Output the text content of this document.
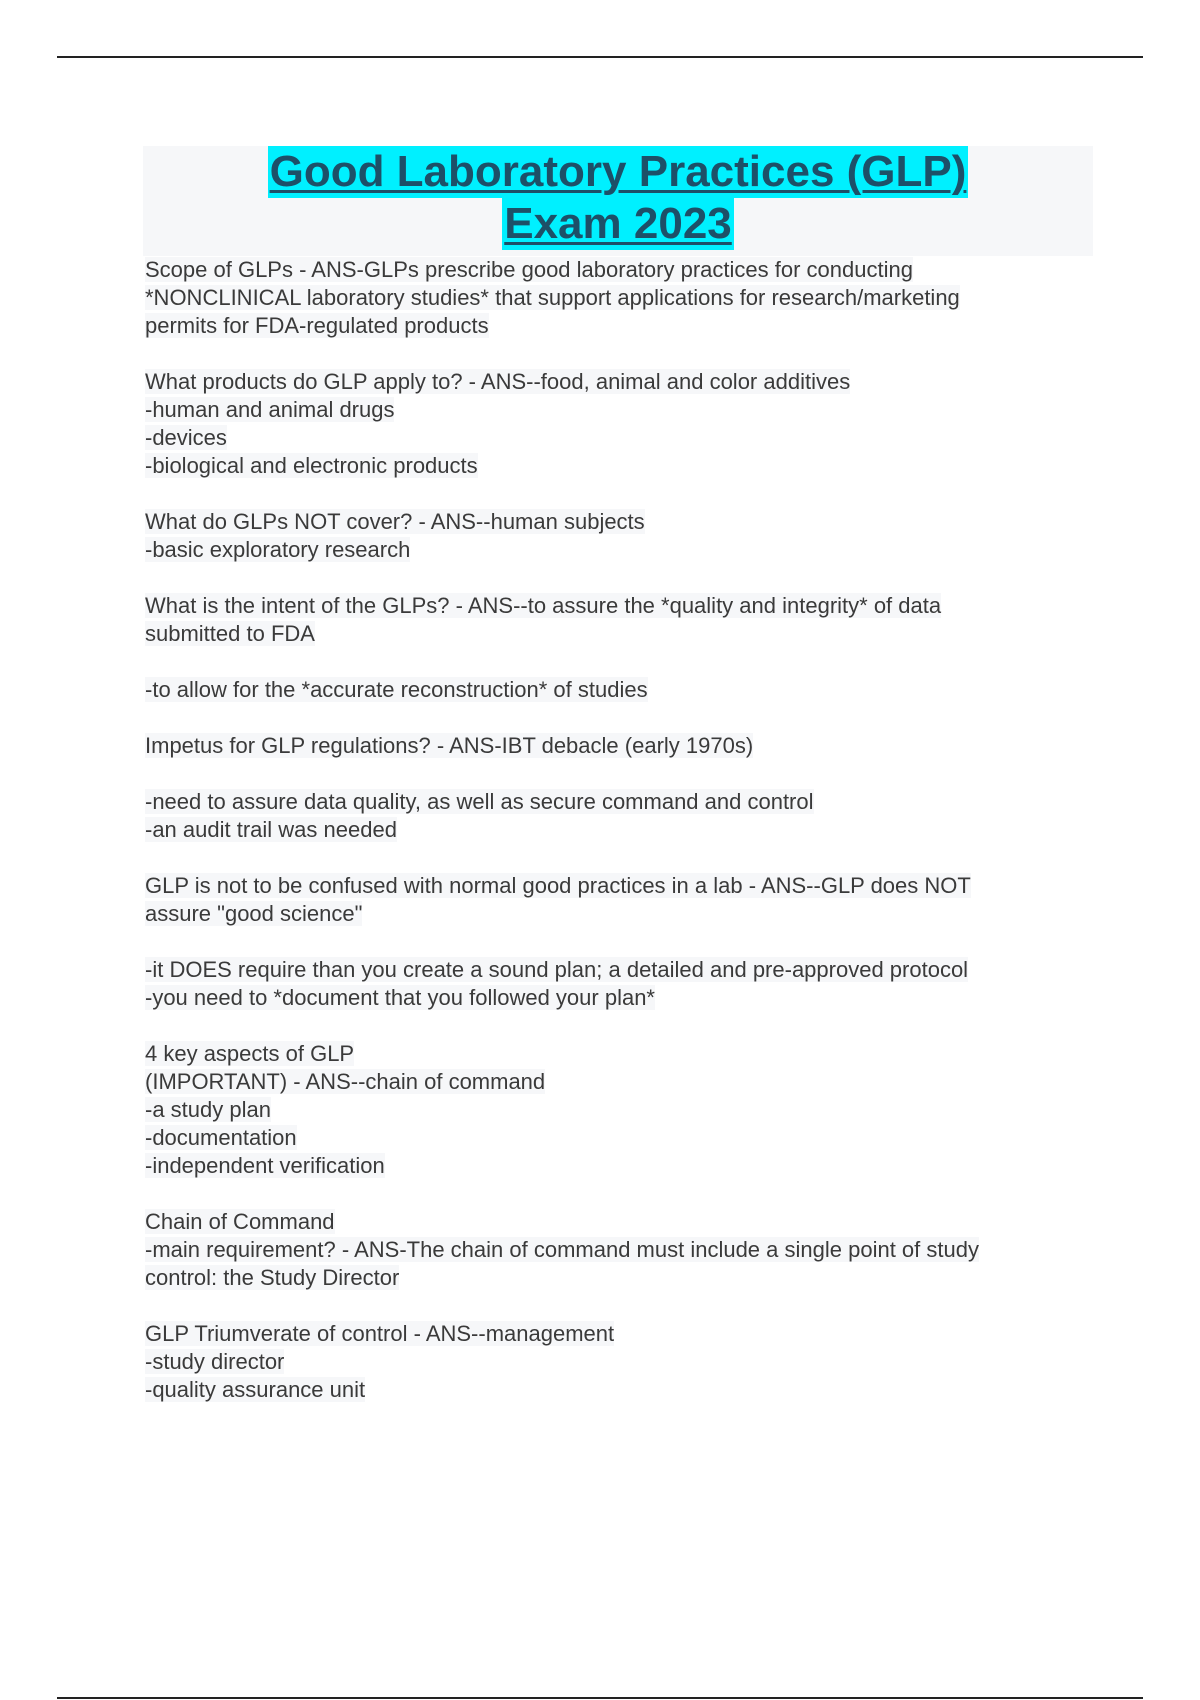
Good Laboratory Practices (GLP)
Exam 2023
Scope of GLPs - ANS-GLPs prescribe good laboratory practices for conducting
*NONCLINICAL laboratory studies* that support applications for research/marketing
permits for FDA-regulated products
What products do GLP apply to? - ANS--food, animal and color additives
-human and animal drugs
-devices
-biological and electronic products
What do GLPs NOT cover? - ANS--human subjects
-basic exploratory research
What is the intent of the GLPs? - ANS--to assure the *quality and integrity* of data
submitted to FDA
-to allow for the *accurate reconstruction* of studies
Impetus for GLP regulations? - ANS-IBT debacle (early 1970s)
-need to assure data quality, as well as secure command and control
-an audit trail was needed
GLP is not to be confused with normal good practices in a lab - ANS--GLP does NOT
assure "good science"
-it DOES require than you create a sound plan; a detailed and pre-approved protocol
-you need to *document that you followed your plan*
4 key aspects of GLP
(IMPORTANT) - ANS--chain of command
-a study plan
-documentation
-independent verification
Chain of Command
-main requirement? - ANS-The chain of command must include a single point of study
control: the Study Director
GLP Triumverate of control - ANS--management
-study director
-quality assurance unit
